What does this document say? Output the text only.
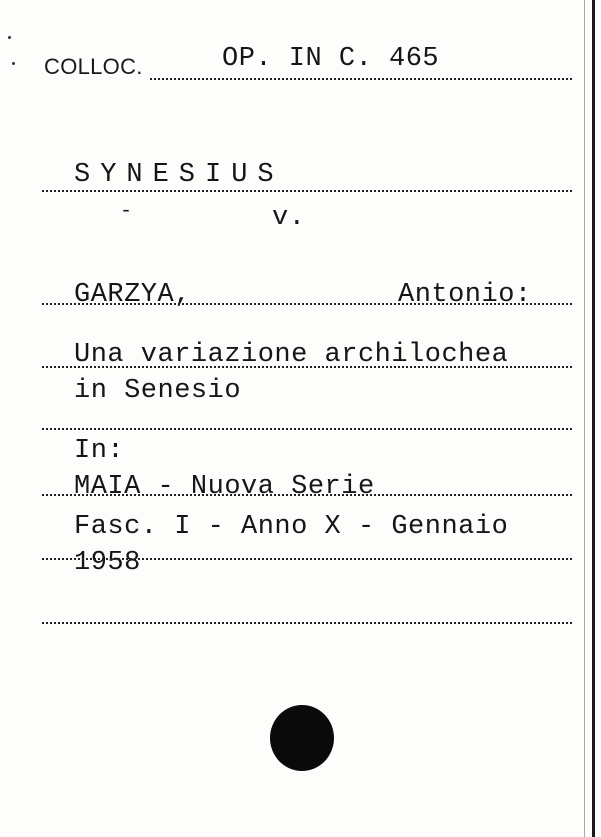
COLLOC.	OP. IN C. 465
SYNESIUS
-	v.
GARZYA,	Antonio:
Una variazione archilochea
in Senesio
In:
MAIA - Nuova Serie
Fasc. I - Anno X - Gennaio
1958
